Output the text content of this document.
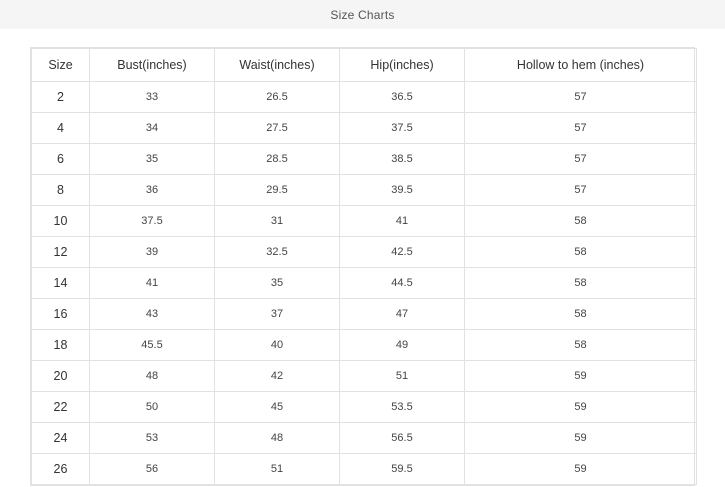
Size Charts
Size	Bust(inches)	Waist(inches)	Hip(inches)	Hollow to hem (inches)
2	33	26.5	36.5	57
4	34	27.5	37.5	57
6	35	28.5	38.5	57
8	36	29.5	39.5	57
10	37.5	31	41	58
12	39	32.5	42.5	58
14	41	35	44.5	58
16	43	37	47	58
18	45.5	40	49	58
20	48	42	51	59
22	50	45	53.5	59
24	53	48	56.5	59
26	56	51	59.5	59
